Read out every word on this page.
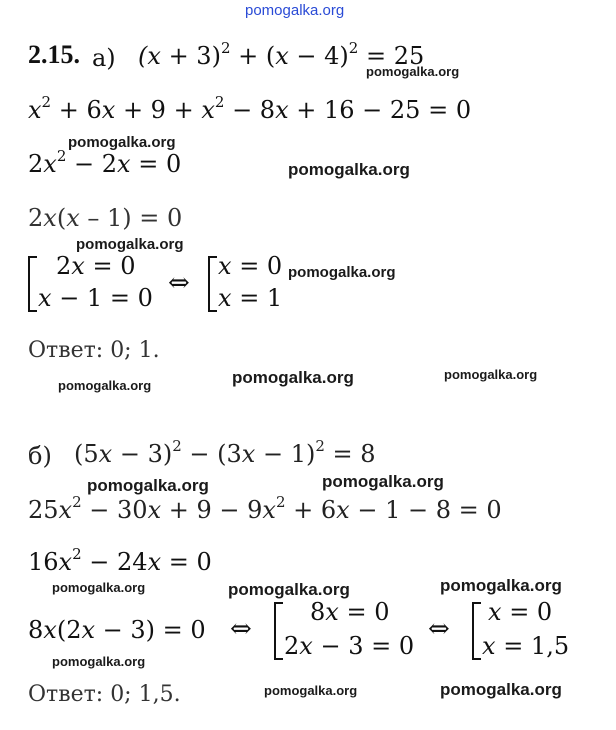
pomogalka.org
2.15. а) $(x + 3)^2 + (x - 4)^2 = 25$
$x^2 + 6x + 9 + x^2 - 8x + 16 - 25 = 0$
$2x^2 - 2x = 0$
2x(x – 1) = 0
2x = 0
x − 1 = 0 ⇔
x = 0
x = 1
Ответ: 0; 1.
б) $(5x - 3)^2 - (3x - 1)^2 = 8$
$25x^2 - 30x + 9 - 9x^2 + 6x - 1 - 8 = 0$
$16x^2 - 24x = 0$
8x(2x − 3) = 0 ⇔
8x = 0
2x − 3 = 0
⇔
x = 0
x = 1,5
Ответ: 0; 1,5.
pomogalka.org
pomogalka.org
pomogalka.org
pomogalka.org
pomogalka.org
pomogalka.org	pomogalka.org	pomogalka.org
pomogalka.org	pomogalka.org
pomogalka.org	pomogalka.org	pomogalka.org
pomogalka.org
pomogalka.org	pomogalka.org
